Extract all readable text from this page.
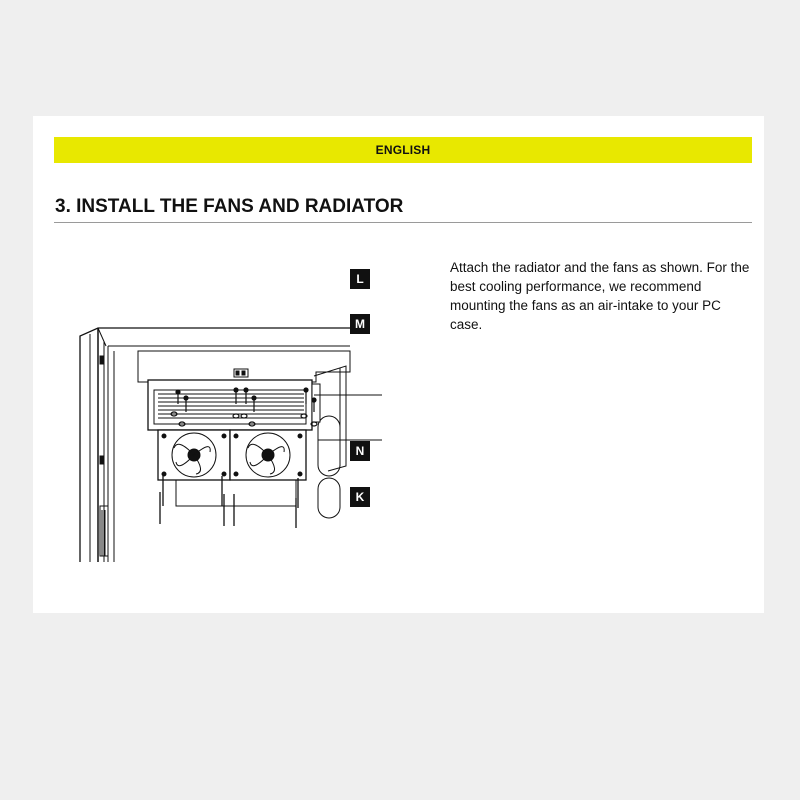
ENGLISH
3. INSTALL THE FANS AND RADIATOR
L
M
N
K

Attach the radiator and the fans as shown. For the best cooling performance, we recommend mounting the fans as an air-intake to your PC case.
